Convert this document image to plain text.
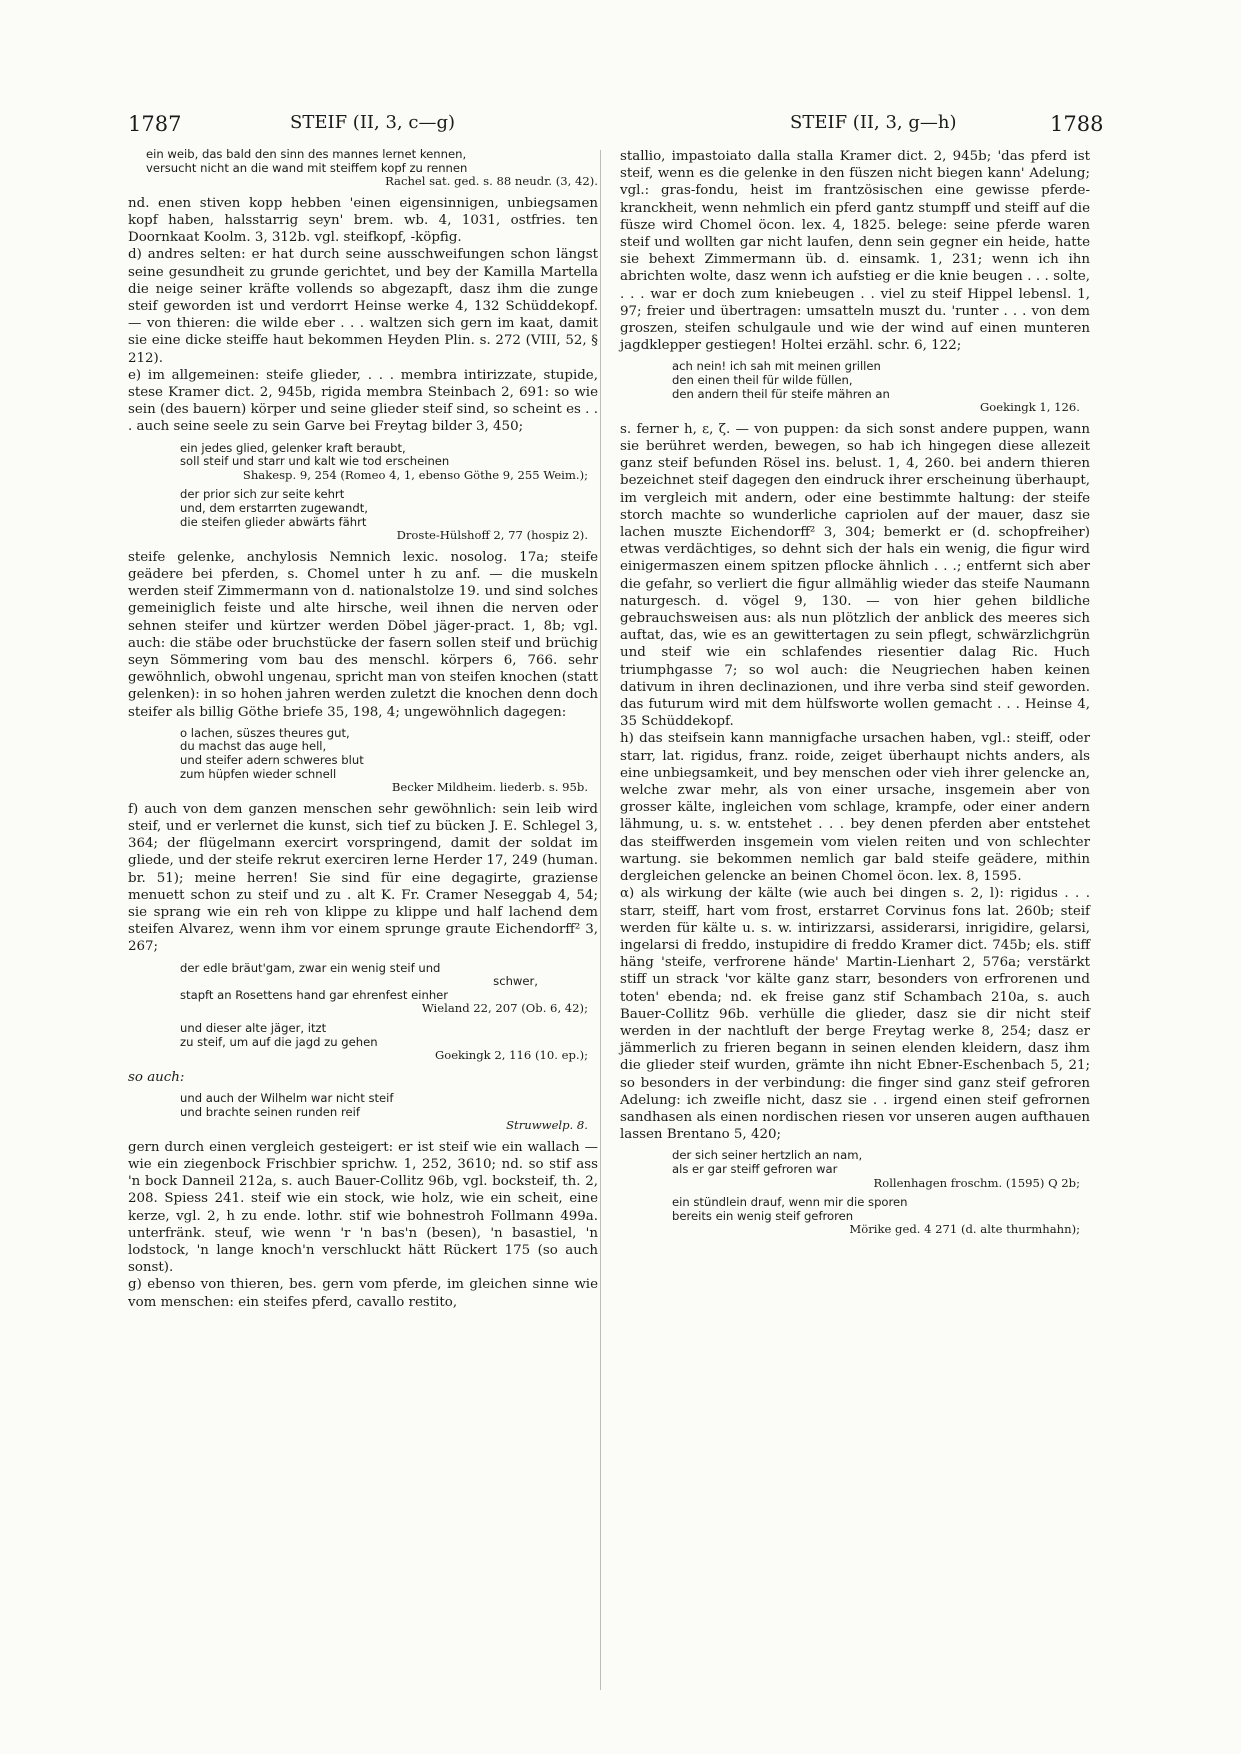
1787	STEIF (II, 3, c—g)	STEIF (II, 3, g—h)	1788
ein weib, das bald den sinn des mannes lernet kennen,
versucht nicht an die wand mit steiffem kopf zu rennen
Rachel sat. ged. s. 88 neudr. (3, 42).

nd. enen stiven kopp hebben 'einen eigensinnigen, unbiegsamen kopf haben, halsstarrig seyn' brem. wb. 4, 1031, ostfries. ten Doornkaat Koolm. 3, 312b. vgl. steifkopf, -köpfig.

d) andres selten: er hat durch seine ausschweifungen schon längst seine gesundheit zu grunde gerichtet, und bey der Kamilla Martella die neige seiner kräfte vollends so abgezapft, dasz ihm die zunge steif geworden ist und verdorrt Heinse werke 4, 132 Schüddekopf. — von thieren: die wilde eber . . . waltzen sich gern im kaat, damit sie eine dicke steiffe haut bekommen Heyden Plin. s. 272 (VIII, 52, § 212).

e) im allgemeinen: steife glieder, . . . membra intirizzate, stupide, stese Kramer dict. 2, 945b, rigida membra Steinbach 2, 691: so wie sein (des bauern) körper und seine glieder steif sind, so scheint es . . . auch seine seele zu sein Garve bei Freytag bilder 3, 450;

ein jedes glied, gelenker kraft beraubt,
soll steif und starr und kalt wie tod erscheinen
Shakesp. 9, 254 (Romeo 4, 1, ebenso Göthe 9, 255 Weim.);
der prior sich zur seite kehrt
und, dem erstarrten zugewandt,
die steifen glieder abwärts fährt
Droste-Hülshoff 2, 77 (hospiz 2).

steife gelenke, anchylosis Nemnich lexic. nosolog. 17a; steife geädere bei pferden, s. Chomel unter h zu anf. — die muskeln werden steif Zimmermann von d. nationalstolze 19. und sind solches gemeiniglich feiste und alte hirsche, weil ihnen die nerven oder sehnen steifer und kürtzer werden Döbel jäger-pract. 1, 8b; vgl. auch: die stäbe oder bruchstücke der fasern sollen steif und brüchig seyn Sömmering vom bau des menschl. körpers 6, 766. sehr gewöhnlich, obwohl ungenau, spricht man von steifen knochen (statt gelenken): in so hohen jahren werden zuletzt die knochen denn doch steifer als billig Göthe briefe 35, 198, 4; ungewöhnlich dagegen:

o lachen, süszes theures gut,
du machst das auge hell,
und steifer adern schweres blut
zum hüpfen wieder schnell
Becker Mildheim. liederb. s. 95b.

f) auch von dem ganzen menschen sehr gewöhnlich: sein leib wird steif, und er verlernet die kunst, sich tief zu bücken J. E. Schlegel 3, 364; der flügelmann exercirt vorspringend, damit der soldat im gliede, und der steife rekrut exerciren lerne Herder 17, 249 (human. br. 51); meine herren! Sie sind für eine degagirte, graziense menuett schon zu steif und zu . alt K. Fr. Cramer Neseggab 4, 54; sie sprang wie ein reh von klippe zu klippe und half lachend dem steifen Alvarez, wenn ihm vor einem sprunge graute Eichendorff² 3, 267;

der edle bräut'gam, zwar ein wenig steif und
schwer,
stapft an Rosettens hand gar ehrenfest einher
Wieland 22, 207 (Ob. 6, 42);
und dieser alte jäger, itzt
zu steif, um auf die jagd zu gehen
Goekingk 2, 116 (10. ep.);

so auch:

und auch der Wilhelm war nicht steif
und brachte seinen runden reif
Struwwelp. 8.

gern durch einen vergleich gesteigert: er ist steif wie ein wallach — wie ein ziegenbock Frischbier sprichw. 1, 252, 3610; nd. so stif ass 'n bock Danneil 212a, s. auch Bauer-Collitz 96b, vgl. bocksteif, th. 2, 208. Spiess 241. steif wie ein stock, wie holz, wie ein scheit, eine kerze, vgl. 2, h zu ende. lothr. stif wie bohnestroh Follmann 499a. unterfränk. steuf, wie wenn 'r 'n bas'n (besen), 'n basastiel, 'n lodstock, 'n lange knoch'n verschluckt hätt Rückert 175 (so auch sonst).

g) ebenso von thieren, bes. gern vom pferde, im gleichen sinne wie vom menschen: ein steifes pferd, cavallo restito,

stallio, impastoiato dalla stalla Kramer dict. 2, 945b; 'das pferd ist steif, wenn es die gelenke in den füszen nicht biegen kann' Adelung; vgl.: gras-fondu, heist im frantzösischen eine gewisse pferde-kranckheit, wenn nehmlich ein pferd gantz stumpff und steiff auf die füsze wird Chomel öcon. lex. 4, 1825. belege: seine pferde waren steif und wollten gar nicht laufen, denn sein gegner ein heide, hatte sie behext Zimmermann üb. d. einsamk. 1, 231; wenn ich ihn abrichten wolte, dasz wenn ich aufstieg er die knie beugen . . . solte, . . . war er doch zum kniebeugen . . viel zu steif Hippel lebensl. 1, 97; freier und übertragen: umsatteln muszt du. 'runter . . . von dem groszen, steifen schulgaule und wie der wind auf einen munteren jagdklepper gestiegen! Holtei erzähl. schr. 6, 122;

ach nein! ich sah mit meinen grillen
den einen theil für wilde füllen,
den andern theil für steife mähren an
Goekingk 1, 126.

s. ferner h, ε, ζ. — von puppen: da sich sonst andere puppen, wann sie berühret werden, bewegen, so hab ich hingegen diese allezeit ganz steif befunden Rösel ins. belust. 1, 4, 260. bei andern thieren bezeichnet steif dagegen den eindruck ihrer erscheinung überhaupt, im vergleich mit andern, oder eine bestimmte haltung: der steife storch machte so wunderliche capriolen auf der mauer, dasz sie lachen muszte Eichendorff² 3, 304; bemerkt er (d. schopfreiher) etwas verdächtiges, so dehnt sich der hals ein wenig, die figur wird einigermaszen einem spitzen pflocke ähnlich . . .; entfernt sich aber die gefahr, so verliert die figur allmählig wieder das steife Naumann naturgesch. d. vögel 9, 130. — von hier gehen bildliche gebrauchsweisen aus: als nun plötzlich der anblick des meeres sich auftat, das, wie es an gewittertagen zu sein pflegt, schwärzlichgrün und steif wie ein schlafendes riesentier dalag Ric. Huch triumphgasse 7; so wol auch: die Neugriechen haben keinen dativum in ihren declinazionen, und ihre verba sind steif geworden. das futurum wird mit dem hülfsworte wollen gemacht . . . Heinse 4, 35 Schüddekopf.

h) das steifsein kann mannigfache ursachen haben, vgl.: steiff, oder starr, lat. rigidus, franz. roide, zeiget überhaupt nichts anders, als eine unbiegsamkeit, und bey menschen oder vieh ihrer gelencke an, welche zwar mehr, als von einer ursache, insgemein aber von grosser kälte, ingleichen vom schlage, krampfe, oder einer andern lähmung, u. s. w. entstehet . . . bey denen pferden aber entstehet das steiffwerden insgemein vom vielen reiten und von schlechter wartung. sie bekommen nemlich gar bald steife geädere, mithin dergleichen gelencke an beinen Chomel öcon. lex. 8, 1595.

α) als wirkung der kälte (wie auch bei dingen s. 2, l): rigidus . . . starr, steiff, hart vom frost, erstarret Corvinus fons lat. 260b; steif werden für kälte u. s. w. intirizzarsi, assiderarsi, inrigidire, gelarsi, ingelarsi di freddo, instupidire di freddo Kramer dict. 745b; els. stiff häng 'steife, verfrorene hände' Martin-Lienhart 2, 576a; verstärkt stiff un strack 'vor kälte ganz starr, besonders von erfrorenen und toten' ebenda; nd. ek freise ganz stif Schambach 210a, s. auch Bauer-Collitz 96b. verhülle die glieder, dasz sie dir nicht steif werden in der nachtluft der berge Freytag werke 8, 254; dasz er jämmerlich zu frieren begann in seinen elenden kleidern, dasz ihm die glieder steif wurden, grämte ihn nicht Ebner-Eschenbach 5, 21; so besonders in der verbindung: die finger sind ganz steif gefroren Adelung: ich zweifle nicht, dasz sie . . irgend einen steif gefrornen sandhasen als einen nordischen riesen vor unseren augen aufthauen lassen Brentano 5, 420;

der sich seiner hertzlich an nam,
als er gar steiff gefroren war
Rollenhagen froschm. (1595) Q 2b;
ein stündlein drauf, wenn mir die sporen
bereits ein wenig steif gefroren
Mörike ged. 4 271 (d. alte thurmhahn);
